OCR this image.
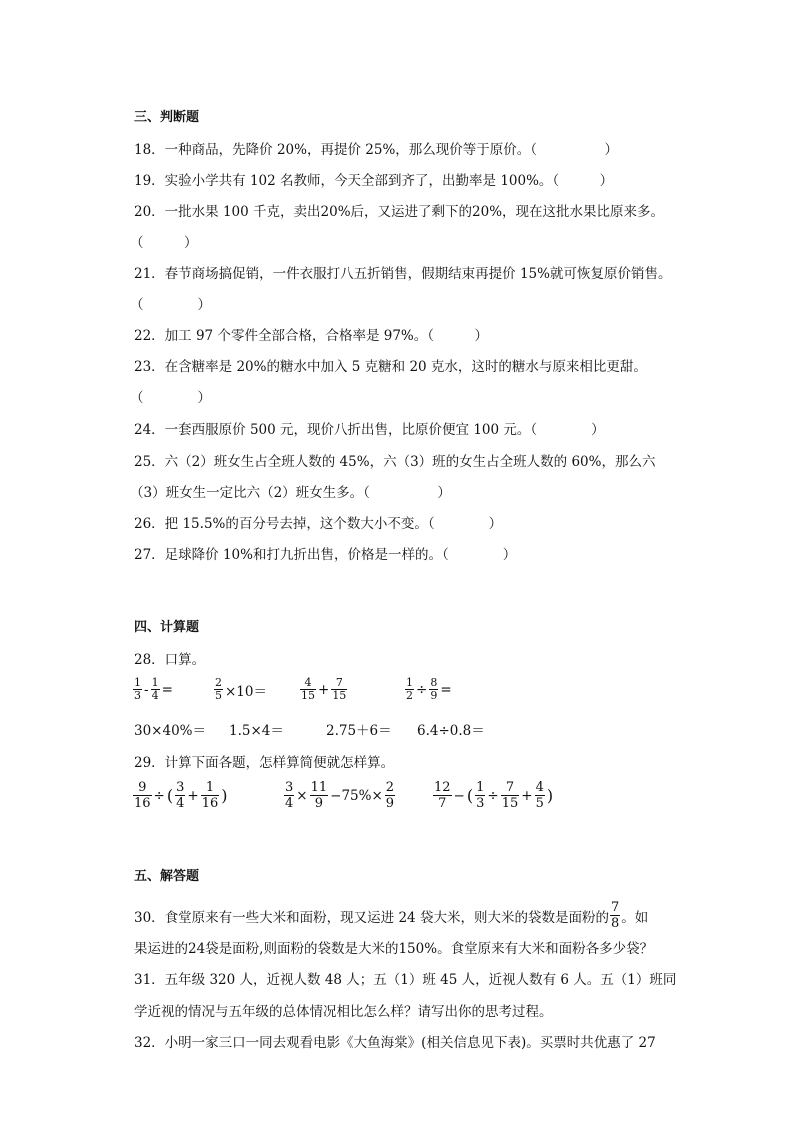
三、判断题
18．一种商品，先降价 20%，再提价 25%，那么现价等于原价。（　　　　　）
19．实验小学共有 102 名教师，今天全部到齐了，出勤率是 100%。（　　　）
20．一批水果 100 千克，卖出20%后，又运进了剩下的20%，现在这批水果比原来多。
（　　　）
21．春节商场搞促销，一件衣服打八五折销售，假期结束再提价 15%就可恢复原价销售。
（　　　　）
22．加工 97 个零件全部合格，合格率是 97%。（　　　）
23．在含糖率是 20%的糖水中加入 5 克糖和 20 克水，这时的糖水与原来相比更甜。
（　　　　）
24．一套西服原价 500 元，现价八折出售，比原价便宜 100 元。（　　　　）
25．六（2）班女生占全班人数的 45%，六（3）班的女生占全班人数的 60%，那么六
（3）班女生一定比六（2）班女生多。（　　　　　）
26．把 15.5%的百分号去掉，这个数大小不变。（　　　　）
27．足球降价 10%和打九折出售，价格是一样的。（　　　　）
四、计算题
28．口算。
1
$3 - \frac{1}{4}$ =	$\frac{2}{5} \times 10=$
4
$15 + \frac{7}{15}$	$\frac{1}{2} \div \frac{8}{9}$ =
30×40%＝ 1.5×4＝	2.75＋6＝ 6.4÷0.8＝
29．计算下面各题，怎样算简便就怎样算。
$\frac{9}{16}$ ÷ ( 3
$4 + \frac{1}{16}$ )	$\frac{3}{4} \times \frac{11}{9} -75\%\times \frac{2}{9}$	12
7 − ( $\frac{1}{3} \div \frac{7}{15} + \frac{4}{5}$ )
五、解答题
30．食堂原来有一些大米和面粉，现又运进 24 袋大米，则大米的袋数是面粉的
7
8 。如
果运进的24袋是面粉,则面粉的袋数是大米的150%。食堂原来有大米和面粉各多少袋？
31．五年级 320 人，近视人数 48 人；五（1）班 45 人，近视人数有 6 人。五（1）班同
学近视的情况与五年级的总体情况相比怎么样？请写出你的思考过程。
32．小明一家三口一同去观看电影《大鱼海棠》(相关信息见下表)。买票时共优惠了 27
